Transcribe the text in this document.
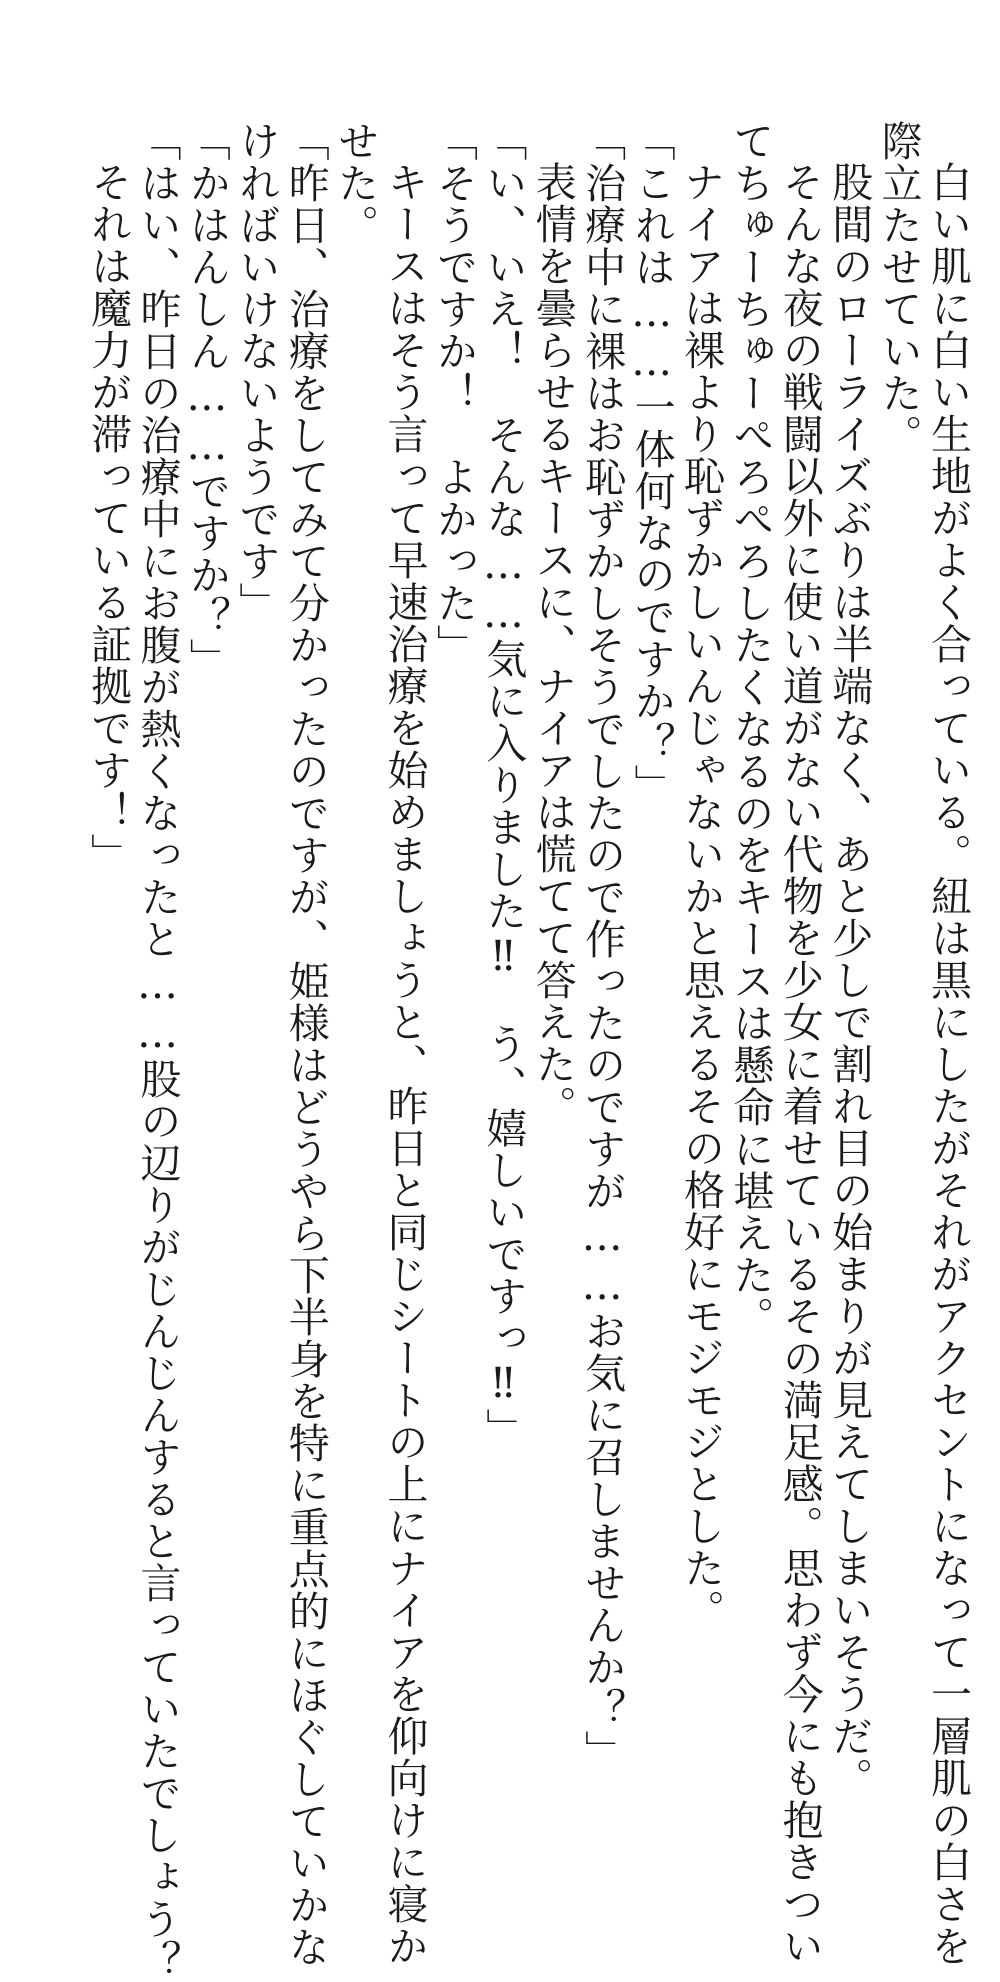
白い肌に白い生地がよく合っている。紐は黒にしたがそれがアクセントになって一層肌の白さを

際立たせていた。

股間のローライズぶりは半端なく、あと少しで割れ目の始まりが見えてしまいそうだ。

そんな夜の戦闘以外に使い道がない代物を少女に着せているその満足感。思わず今にも抱きつい

てちゅーちゅーぺろぺろしたくなるのをキースは懸命に堪えた。

ナイアは裸より恥ずかしいんじゃないかと思えるその格好にモジモジとした。

「これは……一体何なのですか？」

「治療中に裸はお恥ずかしそうでしたので作ったのですが……お気に召しませんか？」

表情を曇らせるキースに、ナイアは慌てて答えた。

「い、いえ！　そんな……気に入りました‼　う、嬉しいですっ‼」

「そうですか！　よかった」

キースはそう言って早速治療を始めましょうと、昨日と同じシートの上にナイアを仰向けに寝か

せた。

「昨日、治療をしてみて分かったのですが、姫様はどうやら下半身を特に重点的にほぐしていかな

ければいけないようです」

「かはんしん……ですか？」

「はい、昨日の治療中にお腹が熱くなったと……股の辺りがじんじんすると言っていたでしょう？

それは魔力が滞っている証拠です！」
